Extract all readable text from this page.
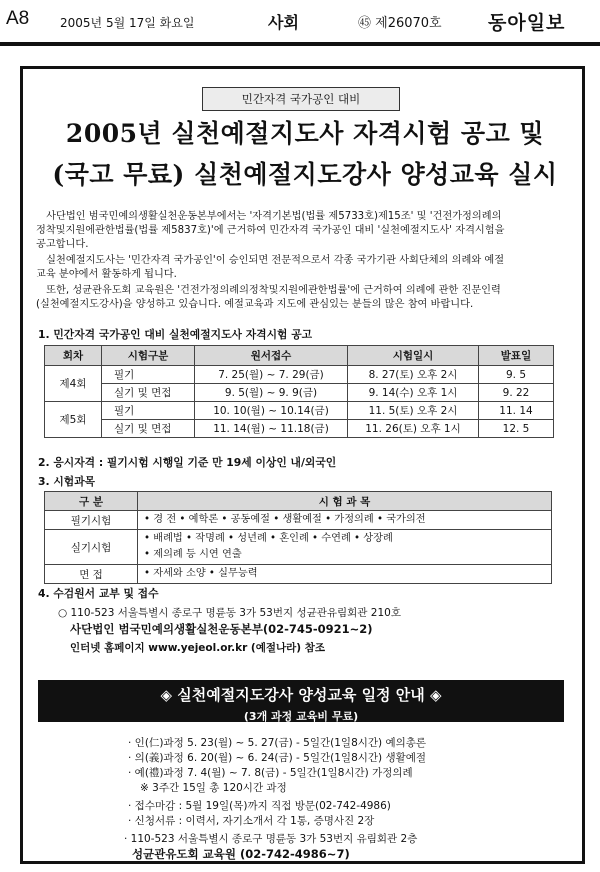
A8	2005년 5월 17일 화요일	사회	㊺ 제26070호 동아일보
민간자격 국가공인 대비
2005년 실천예절지도사 자격시험 공고 및
(국고 무료) 실천예절지도강사 양성교육 실시
　사단법인 범국민예의생활실천운동본부에서는 '자격기본법(법률 제5733호)제15조' 및 '건전가정의례의
정착및지원에관한법률(법률 제5837호)'에 근거하여 민간자격 국가공인 대비 '실천예절지도사' 자격시험을
공고합니다.
　실천예절지도사는 '민간자격 국가공인'이 승인되면 전문적으로서 각종 국가기관 사회단체의 의례와 예절
교육 분야에서 활동하게 됩니다.
　또한, 성균관유도회 교육원은 '건전가정의례의정착및지원에관한법률'에 근거하여 의례에 관한 진문인력
(실천예절지도강사)을 양성하고 있습니다. 예절교육과 지도에 관심있는 분들의 많은 참여 바랍니다.
1. 민간자격 국가공인 대비 실천예절지도사 자격시험 공고
회차	시험구분	원서접수	시험일시	발표일
제4회	필기	7. 25(월) ~ 7. 29(금)	8. 27(토) 오후 2시	9. 5
	실기 및 면접	9. 5(월) ~ 9. 9(금)	9. 14(수) 오후 1시	9. 22
제5회	필기	10. 10(월) ~ 10.14(금)	11. 5(토) 오후 2시	11. 14
	실기 및 면접	11. 14(월) ~ 11.18(금)	11. 26(토) 오후 1시	12. 5
2. 응시자격 : 필기시험 시행일 기준 만 19세 이상인 내/외국인
3. 시험과목
구 분	시 험 과 목
필기시험	• 경 전 • 예학론 • 공동예절 • 생활예절 • 가정의례 • 국가의전
실기시험	• 배례법 • 작명례 • 성년례 • 혼인례 • 수연례 • 상장례
• 제의례 등 시연 연출

면 접	• 자세와 소양 • 실무능력
4. 수검원서 교부 및 접수
○ 110-523 서울특별시 종로구 명륜동 3가 53번지 성균관유림회관 210호
사단법인 범국민예의생활실천운동본부(02-745-0921~2)
인터넷 홈페이지 www.yejeol.or.kr (예절나라) 참조
◈ 실천예절지도강사 양성교육 일정 안내 ◈
(3개 과정 교육비 무료)
· 인(仁)과정 5. 23(월) ~ 5. 27(금) - 5일간(1일8시간) 예의총론
· 의(義)과정 6. 20(월) ~ 6. 24(금) - 5일간(1일8시간) 생활예절
· 예(禮)과정 7. 4(월) ~ 7. 8(금) - 5일간(1일8시간) 가정의례
※ 3주간 15일 총 120시간 과정
· 접수마감 : 5월 19일(목)까지 직접 방문(02-742-4986)
· 신청서류 : 이력서, 자기소개서 각 1통, 증명사진 2장
· 110-523 서울특별시 종로구 명륜동 3가 53번지 유림회관 2층
성균관유도회 교육원 (02-742-4986~7)
